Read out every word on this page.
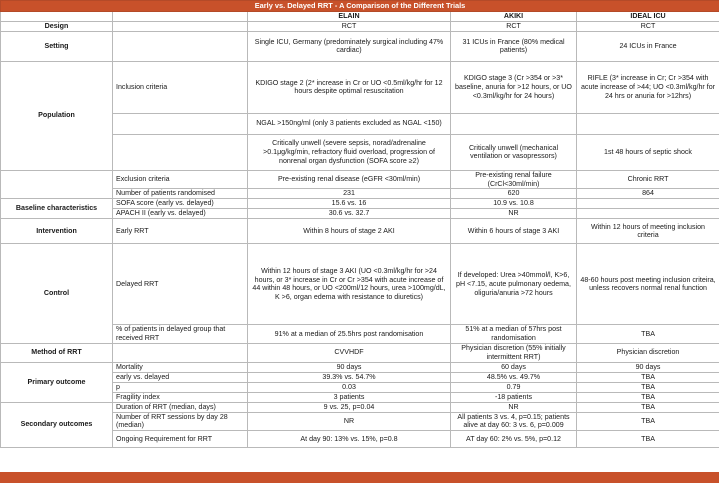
Early vs. Delayed RRT - A Comparison of the Different Trials				
		ELAIN	AKIKI	IDEAL ICU
Design		RCT	RCT	RCT
Setting		Single ICU, Germany (predominately surgical including 47% cardiac)	31 ICUs in France (80% medical patients)	24 ICUs in France
Population	Inclusion criteria	KDIGO stage 2 (2* increase in Cr or UO <0.5ml/kg/hr for 12 hours despite optimal resuscitation	KDIGO stage 3 (Cr >354 or >3* baseline, anuria for >12 hours, or UO <0.3ml/kg/hr for 24 hours)	RIFLE (3* increase in Cr; Cr >354 with acute increase of >44; UO <0.3ml/kg/hr for 24 hrs or anuria for >12hrs)
		NGAL >150ng/ml (only 3 patients excluded as NGAL <150)		
		Critically unwell (severe sepsis, norad/adrenaline >0.1μg/kg/min, refractory fluid overload, progression of nonrenal organ dysfunction (SOFA score ≥2)	Critically unwell (mechanical ventilation or vasopressors)	1st 48 hours of septic shock
	Exclusion criteria	Pre-existing renal disease (eGFR <30ml/min)	Pre-existing renal failure (CrCl<30ml/min)	Chronic RRT
	Number of patients randomised	231	620	864
Baseline characteristics	SOFA score (early vs. delayed)	15.6 vs. 16	10.9 vs. 10.8	
	APACH II (early vs. delayed)	30.6 vs. 32.7	NR	
Intervention	Early RRT	Within 8 hours of stage 2 AKI	Within 6 hours of stage 3 AKI	Within 12 hours of meeting inclusion criteria
Control	Delayed RRT	Within 12 hours of stage 3 AKI (UO <0.3ml/kg/hr for >24 hours, or 3* increase in Cr or Cr >354 with acute increase of 44 within 48 hours, or UO <200ml/12 hours, urea >100mg/dL, K >6, organ edema with resistance to diuretics)	If developed: Urea >40mmol/l, K>6, pH <7.15, acute pulmonary oedema, oliguria/anuria >72 hours	48-60 hours post meeting inclusion criteira, unless recovers normal renal function
	% of patients in delayed group that received RRT	91% at a median of 25.5hrs post randomisation	51% at a median of 57hrs post randomisation	TBA
Method of RRT		CVVHDF	Physician discretion (55% initially intermittent RRT)	Physician discretion
Primary outcome	Mortality	90 days	60 days	90 days
	early vs. delayed	39.3% vs. 54.7%	48.5% vs. 49.7%	TBA
	p	0.03	0.79	TBA
	Fragility index	3 patients	-18 patients	TBA
Secondary outcomes	Duration of RRT (median, days)	9 vs. 25, p=0.04	NR	TBA
	Number of RRT sessions by day 28 (median)	NR	All patients 3 vs. 4, p=0.15; patients alive at day 60: 3 vs. 6, p=0.009	TBA
	Ongoing Requirement for RRT	At day 90: 13% vs. 15%, p=0.8	AT day 60: 2% vs. 5%, p=0.12	TBA
